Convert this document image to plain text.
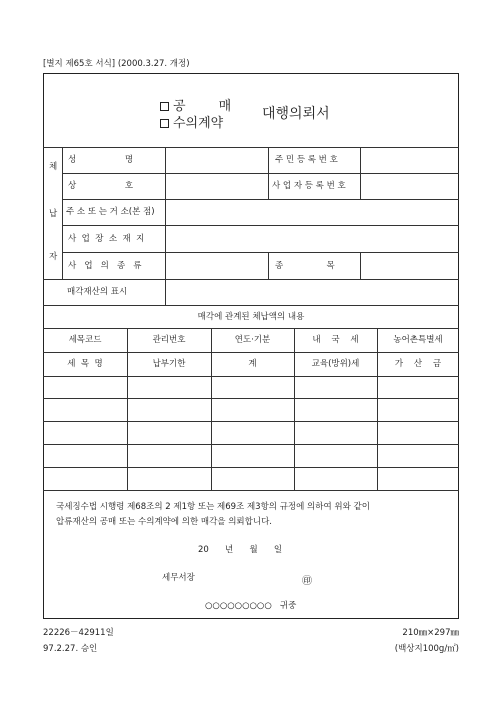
[별지 제65호 서식] (2000.3.27. 개정)
공        매
수의계약
대행의뢰서
체
납
자
성                  명	주 민 등 록 번 호
상                  호	사 업 자 등 록 번 호
주 소 또 는 거 소(본 점)
사  업  장  소  재  지
사   업   의   종   류	종                목
매각재산의 표시
매각에 관계된 체납액의 내용
세목코드	관리번호	연도·기분	내    국    세	농어촌특별세
세  목  명	납부기한	계	교육(방위)세	가    산    금
국세징수법 시행령 제68조의 2 제1항 또는 제69조 제3항의 규정에 의하여 위와 같이
압류재산의 공매 또는 수의계약에 의한 매각을 의뢰합니다.
20      년      월      일
세무서장	㊞
○○○○○○○○○   귀중
22226－42911일
97.2.27. 승인
210㎜×297㎜
(백상지100g/㎡)
